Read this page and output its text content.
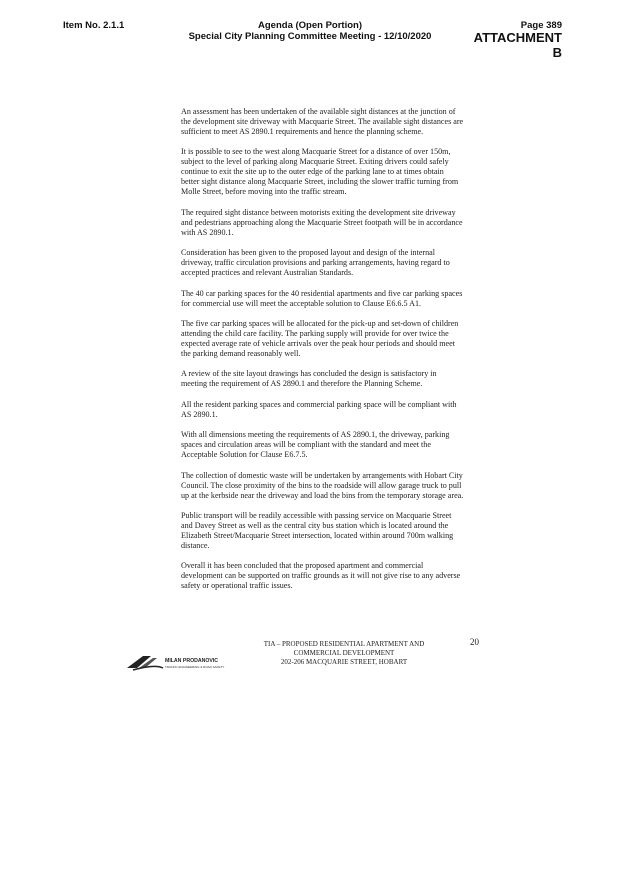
Item No. 2.1.1	Agenda (Open Portion)
Special City Planning Committee Meeting - 12/10/2020
Page 389
ATTACHMENT B

An assessment has been undertaken of the available sight distances at the junction of the development site driveway with Macquarie Street. The available sight distances are sufficient to meet AS 2890.1 requirements and hence the planning scheme.

It is possible to see to the west along Macquarie Street for a distance of over 150m, subject to the level of parking along Macquarie Street. Exiting drivers could safely continue to exit the site up to the outer edge of the parking lane to at times obtain better sight distance along Macquarie Street, including the slower traffic turning from Molle Street, before moving into the traffic stream.

The required sight distance between motorists exiting the development site driveway and pedestrians approaching along the Macquarie Street footpath will be in accordance with AS 2890.1.

Consideration has been given to the proposed layout and design of the internal driveway, traffic circulation provisions and parking arrangements, having regard to accepted practices and relevant Australian Standards.

The 40 car parking spaces for the 40 residential apartments and five car parking spaces for commercial use will meet the acceptable solution to Clause E6.6.5 A1.

The five car parking spaces will be allocated for the pick-up and set-down of children attending the child care facility. The parking supply will provide for over twice the expected average rate of vehicle arrivals over the peak hour periods and should meet the parking demand reasonably well.

A review of the site layout drawings has concluded the design is satisfactory in meeting the requirement of AS 2890.1 and therefore the Planning Scheme.

All the resident parking spaces and commercial parking space will be compliant with AS 2890.1.

With all dimensions meeting the requirements of AS 2890.1, the driveway, parking spaces and circulation areas will be compliant with the standard and meet the Acceptable Solution for Clause E6.7.5.

The collection of domestic waste will be undertaken by arrangements with Hobart City Council. The close proximity of the bins to the roadside will allow garage truck to pull up at the kerbside near the driveway and load the bins from the temporary storage area.

Public transport will be readily accessible with passing service on Macquarie Street and Davey Street as well as the central city bus station which is located around the Elizabeth Street/Macquarie Street intersection, located within around 700m walking distance.

Overall it has been concluded that the proposed apartment and commercial development can be supported on traffic grounds as it will not give rise to any adverse safety or operational traffic issues.

TIA – PROPOSED RESIDENTIAL APARTMENT AND
COMMERCIAL DEVELOPMENT
202-206 MACQUARIE STREET, HOBART
20
MILAN PRODANOVIC
TRAFFIC ENGINEERING & ROAD SAFETY
